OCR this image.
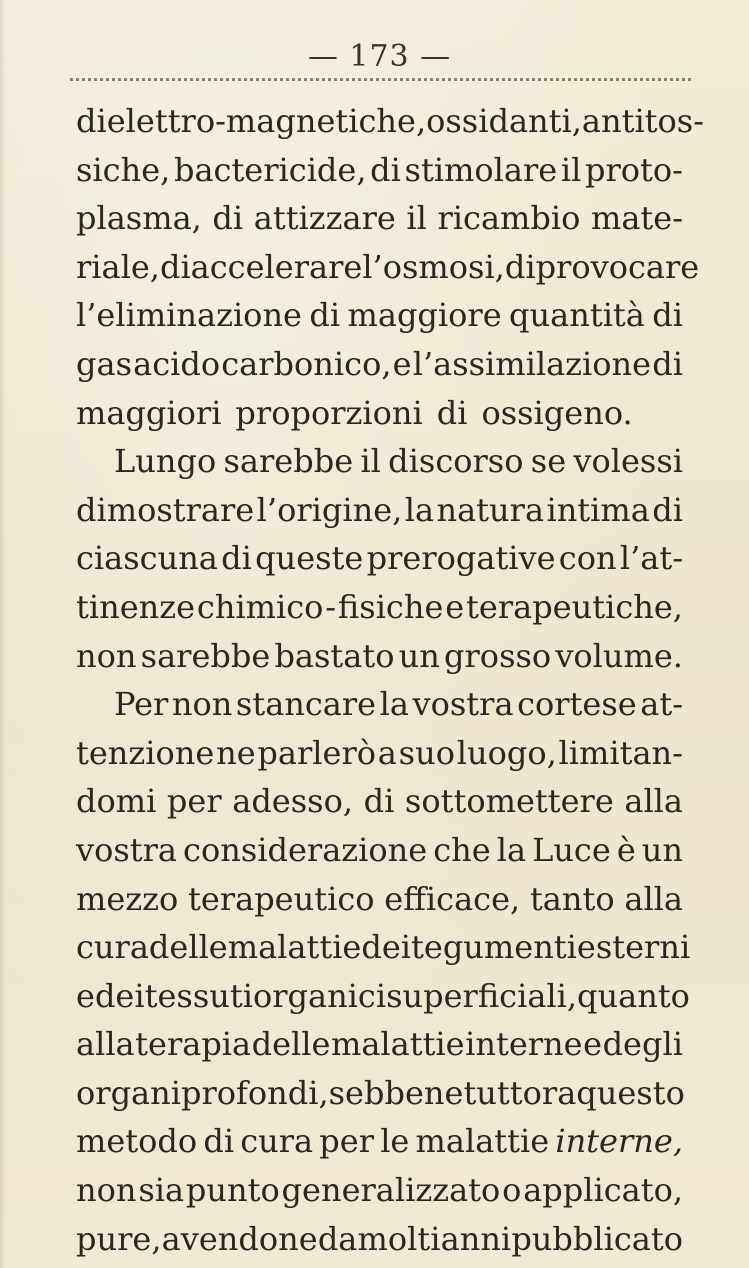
— 173 —
dielettro - magnetiche, ossidanti, antitos-
siche, bactericide, di stimolare il proto-
plasma, di attizzare il ricambio mate-
riale, di accelerare l’osmosi, di provocare
l’eliminazione di maggiore quantità di
gas acido carbonico, e l’assimilazione di
maggiori proporzioni di ossigeno.
Lungo sarebbe il discorso se volessi
dimostrare l’origine, la natura intima di
ciascuna di queste prerogative con l’at-
tinenze chimico - fisiche e terapeutiche,
non sarebbe bastato un grosso volume.
Per non stancare la vostra cortese at-
tenzione ne parlerò a suo luogo, limitan-
domi per adesso, di sottomettere alla
vostra considerazione che la Luce è un
mezzo terapeutico efficace, tanto alla
cura delle malattie dei tegumenti esterni
e dei tessuti organici superficiali, quanto
alla terapia delle malattie interne e degli
organi profondi, sebbene tuttora questo
metodo di cura per le malattie interne,
non sia punto generalizzato o applicato,
pure, avendone da molti anni pubblicato
